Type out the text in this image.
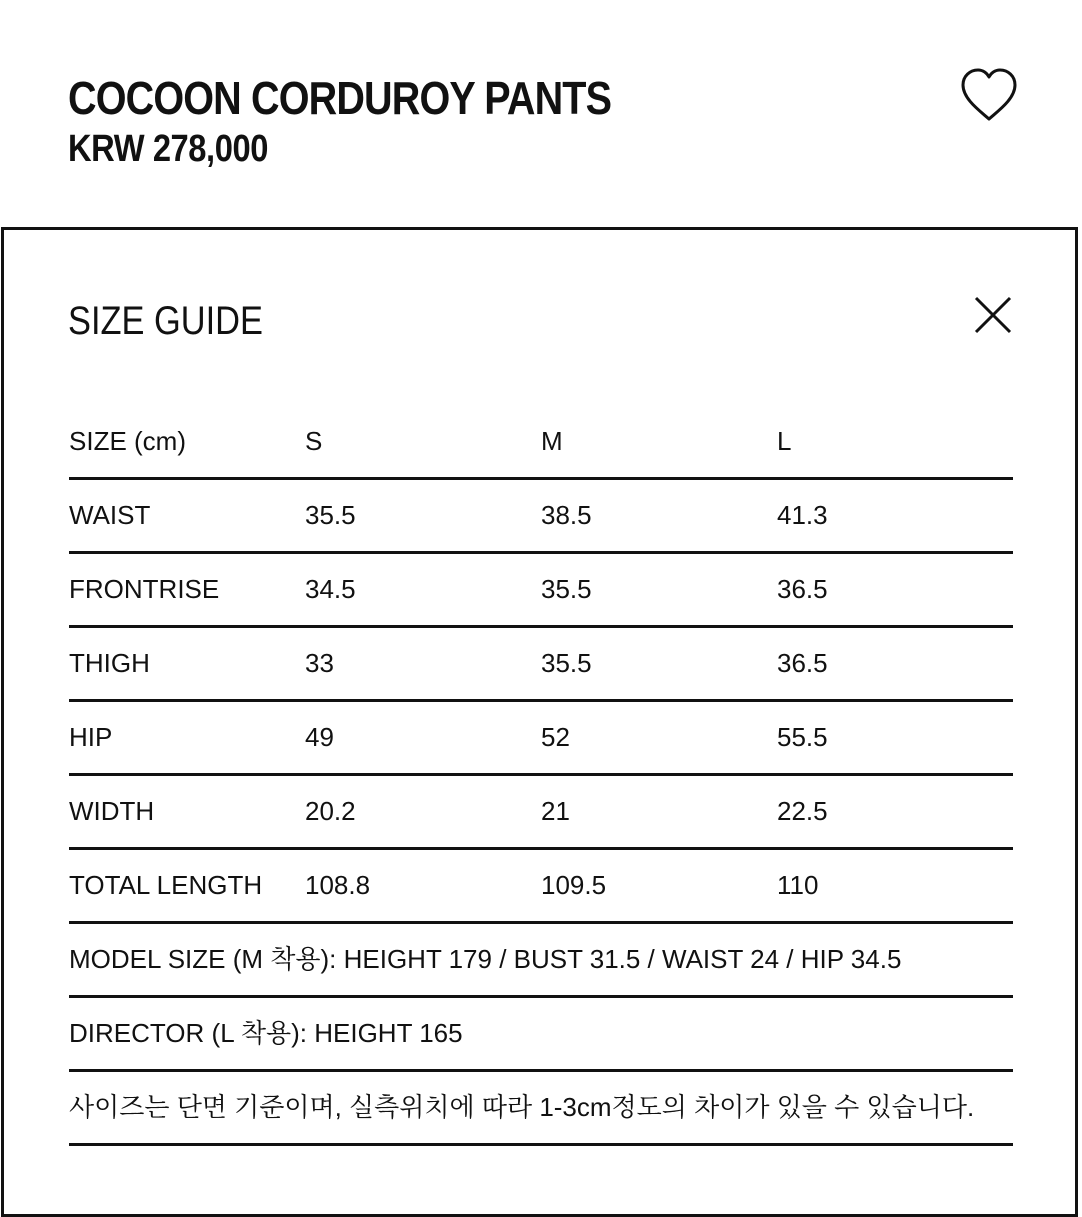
COCOON CORDUROY PANTS
KRW 278,000
SIZE GUIDE
SIZE (cm)	S	M	L
WAIST	35.5	38.5	41.3
FRONTRISE	34.5	35.5	36.5
THIGH	33	35.5	36.5
HIP	49	52	55.5
WIDTH	20.2	21	22.5
TOTAL LENGTH 108.8	109.5	110
MODEL SIZE (M 착용): HEIGHT 179 / BUST 31.5 / WAIST 24 / HIP 34.5
DIRECTOR (L 착용): HEIGHT 165
사이즈는 단면 기준이며, 실측위치에 따라 1-3cm정도의 차이가 있을 수 있습니다.
